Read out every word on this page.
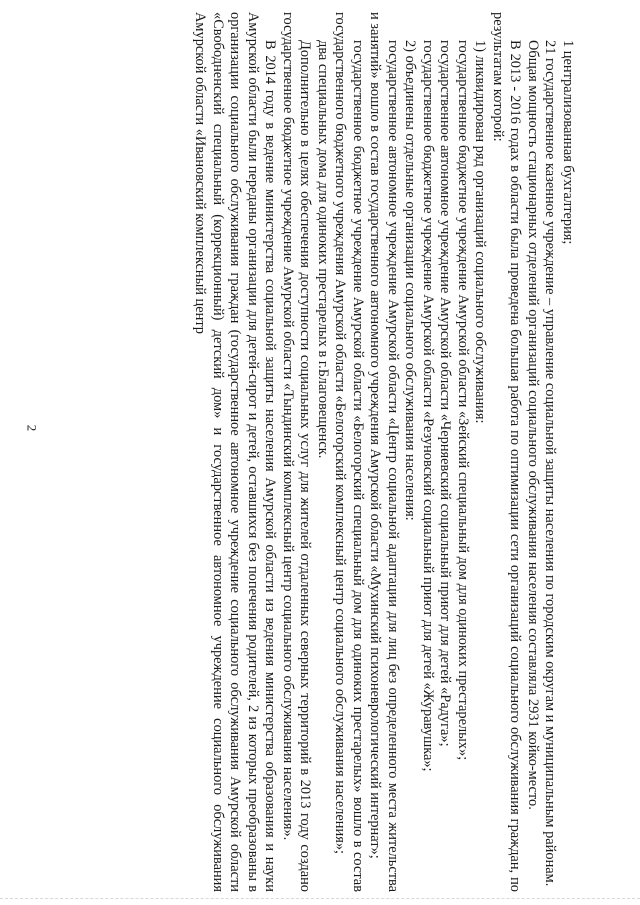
2

1 централизованная бухгалтерия;

21 государственное казенное учреждение – управление социальной защиты населения по городским округам и муниципальным районам.

Общая мощность стационарных отделений организаций социального обслуживания населения составляла 2931 койко-место.

В 2013 - 2016 годах в области была проведена большая работа по оптимизации сети организаций социального обслуживания граждан, по результатам которой:

1) ликвидирован ряд организаций социального обслуживания:

государственное бюджетное учреждение Амурской области «Зейский специальный дом для одиноких престарелых»;

государственное автономное учреждение Амурской области «Черняевский социальный приют для детей «Радуга»;

государственное бюджетное учреждение Амурской области «Резуновский социальный приют для детей «Журавушка»;

2) объединены отдельные организации социального обслуживания населения:

государственное автономное учреждение Амурской области «Центр социальной адаптации для лиц без определенного места жительства и занятий» вошло в состав государственного автономного учреждения Амурской области «Мухинский психоневрологический интернат»;

государственное бюджетное учреждение Амурской области «Белогорский специальный дом для одиноких престарелых» вошло в состав государственного бюджетного учреждения Амурской области «Белогорский комплексный центр социального обслуживания населения»;

два специальных дома для одиноких престарелых в г.Благовещенск.

Дополнительно в целях обеспечения доступности социальных услуг для жителей отдаленных северных территорий в 2013 году создано государственное бюджетное учреждение Амурской области «Тындинский комплексный центр социального обслуживания населения».

В 2014 году в ведение министерства социальной защиты населения Амурской области из ведения министерства образования и науки Амурской области были переданы организации для детей-сирот и детей, оставшихся без попечения родителей, 2 из которых преобразованы в организации социального обслуживания граждан (государственное автономное учреждение социального обслуживания Амурской области «Свободненский специальный (коррекционный) детский дом» и государственное автономное учреждение социального обслуживания Амурской области «Ивановский комплексный центр
